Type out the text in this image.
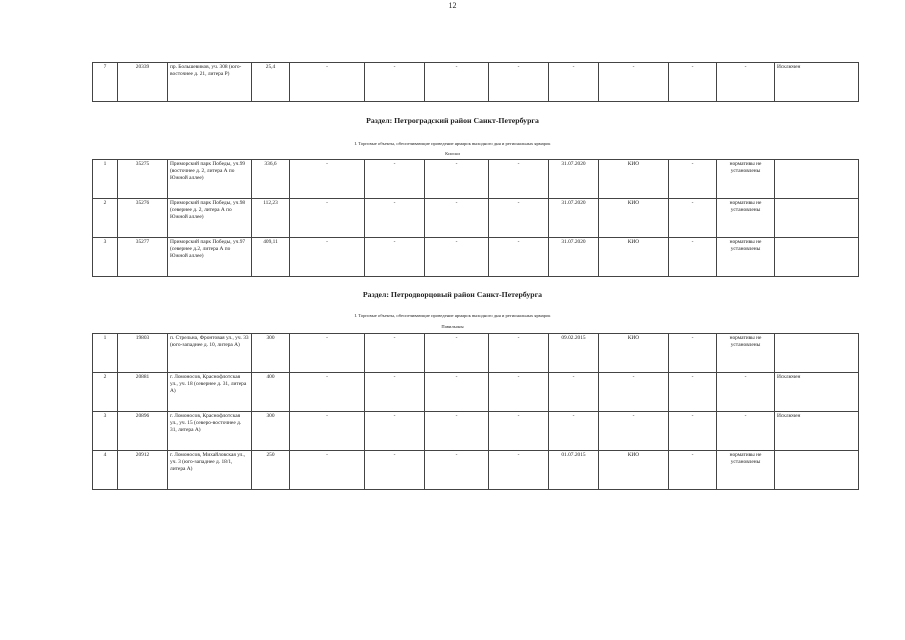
12
7	20339	пр. Большевиков, уч. 308 (юго-восточнее д. 21, литера Р)	25,4	-	-	-	-	-	-	-	-	Исключен
Раздел: Петроградский район Санкт-Петербурга
I. Торговые объекты, обеспечивающие проведение ярмарок выходного дня и региональных ярмарок
Киоски
1	35275	Приморский парк Победы, уч.99 (восточнее д. 2, литера А по Южной аллее)	336,6	-	-	-	-	31.07.2020	КИО	-	нормативы не установлены	
2	35276	Приморский парк Победы, уч.98 (севернее д. 2, литера А по Южной аллее)	112,23	-	-	-	-	31.07.2020	КИО	-	нормативы не установлены	
3	35277	Приморский парк Победы, уч.97 (севернее д.2, литера А по Южной аллее)	409,11	-	-	-	-	31.07.2020	КИО	-	нормативы не установлены	
Раздел: Петродворцовый район Санкт-Петербурга
I. Торговые объекты, обеспечивающие проведение ярмарок выходного дня и региональных ярмарок
Павильоны
1	19803	п. Стрельна, Фронтовая ул., уч. 33 (юго-западнее д. 10, литера А)	300	-	-	-	-	09.02.2015	КИО	-	нормативы не установлены	
2	20881	г. Ломоносов, Краснофлотская ул., уч. 18 (севернее д. 31, литера А)	400	-	-	-	-	-	-	-	-	Исключен
3	20896	г. Ломоносов, Краснофлотская ул., уч. 15 (северо-восточнее д. 31, литера А)	300	-	-	-	-	-	-	-	-	Исключен
4	20912	г. Ломоносов, Михайловская ул., уч. 3 (юго-западнее д. 18/1, литера А)	250	-	-	-	-	01.07.2015	КИО	-	нормативы не установлены	
